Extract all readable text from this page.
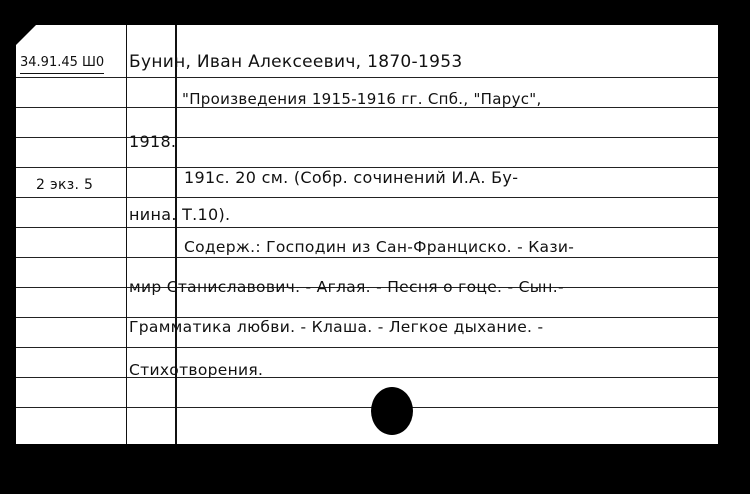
34.91.45 Ш0
2 экз. 5
Бунин, Иван Алексеевич, 1870-1953
"Произведения 1915-1916 гг. Спб., "Парус",
1918.
191с. 20 см. (Собр. сочинений И.А. Бу-
нина. Т.10).
Содерж.: Господин из Сан-Франциско. - Кази-
мир Станиславович. - Аглая. - Песня о гоце. - Сын.-
Грамматика любви. - Клаша. - Легкое дыхание. -
Стихотворения.
